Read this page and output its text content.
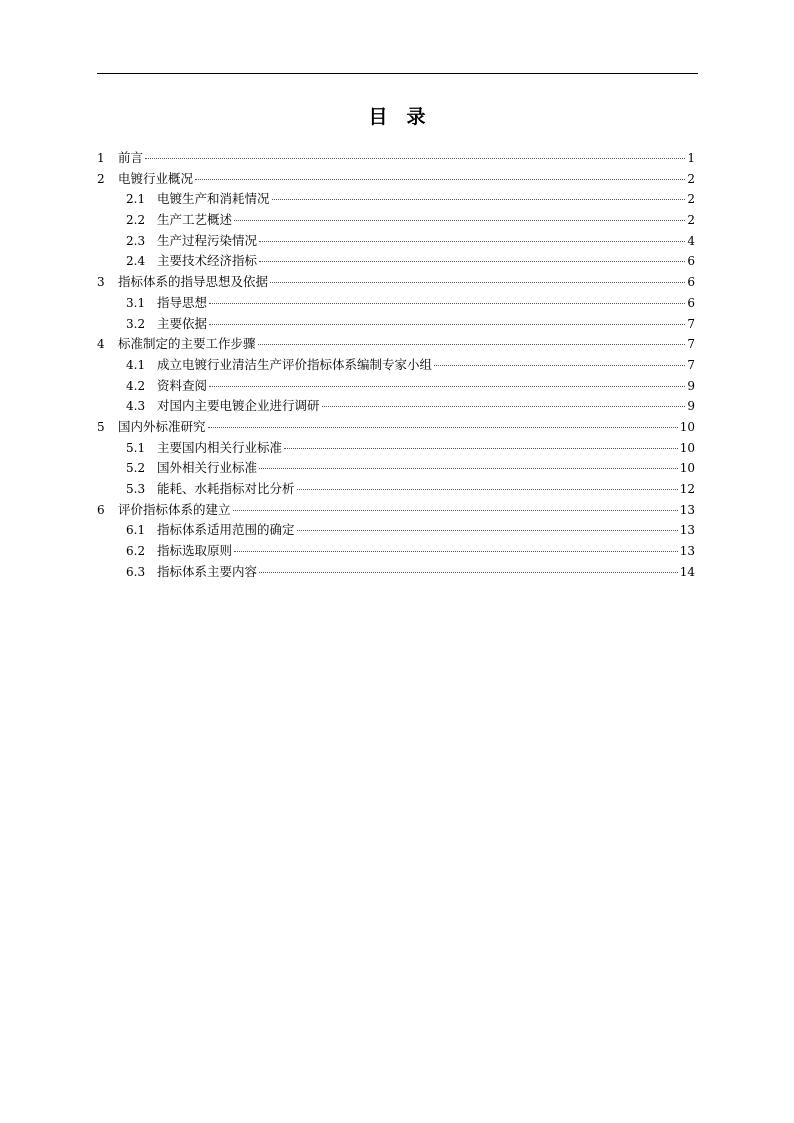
目　录
1	前言	1
2	电镀行业概况	2
2.1 电镀生产和消耗情况	2
2.2 生产工艺概述	2
2.3 生产过程污染情况	4
2.4 主要技术经济指标	6
3	指标体系的指导思想及依据	6
3.1 指导思想	6
3.2 主要依据	7
4	标准制定的主要工作步骤	7
4.1 成立电镀行业清洁生产评价指标体系编制专家小组	7
4.2 资料查阅	9
4.3 对国内主要电镀企业进行调研	9
5	国内外标准研究	10
5.1 主要国内相关行业标准	10
5.2 国外相关行业标准	10
5.3 能耗、水耗指标对比分析	12
6	评价指标体系的建立	13
6.1 指标体系适用范围的确定	13
6.2 指标选取原则	13
6.3 指标体系主要内容	14
